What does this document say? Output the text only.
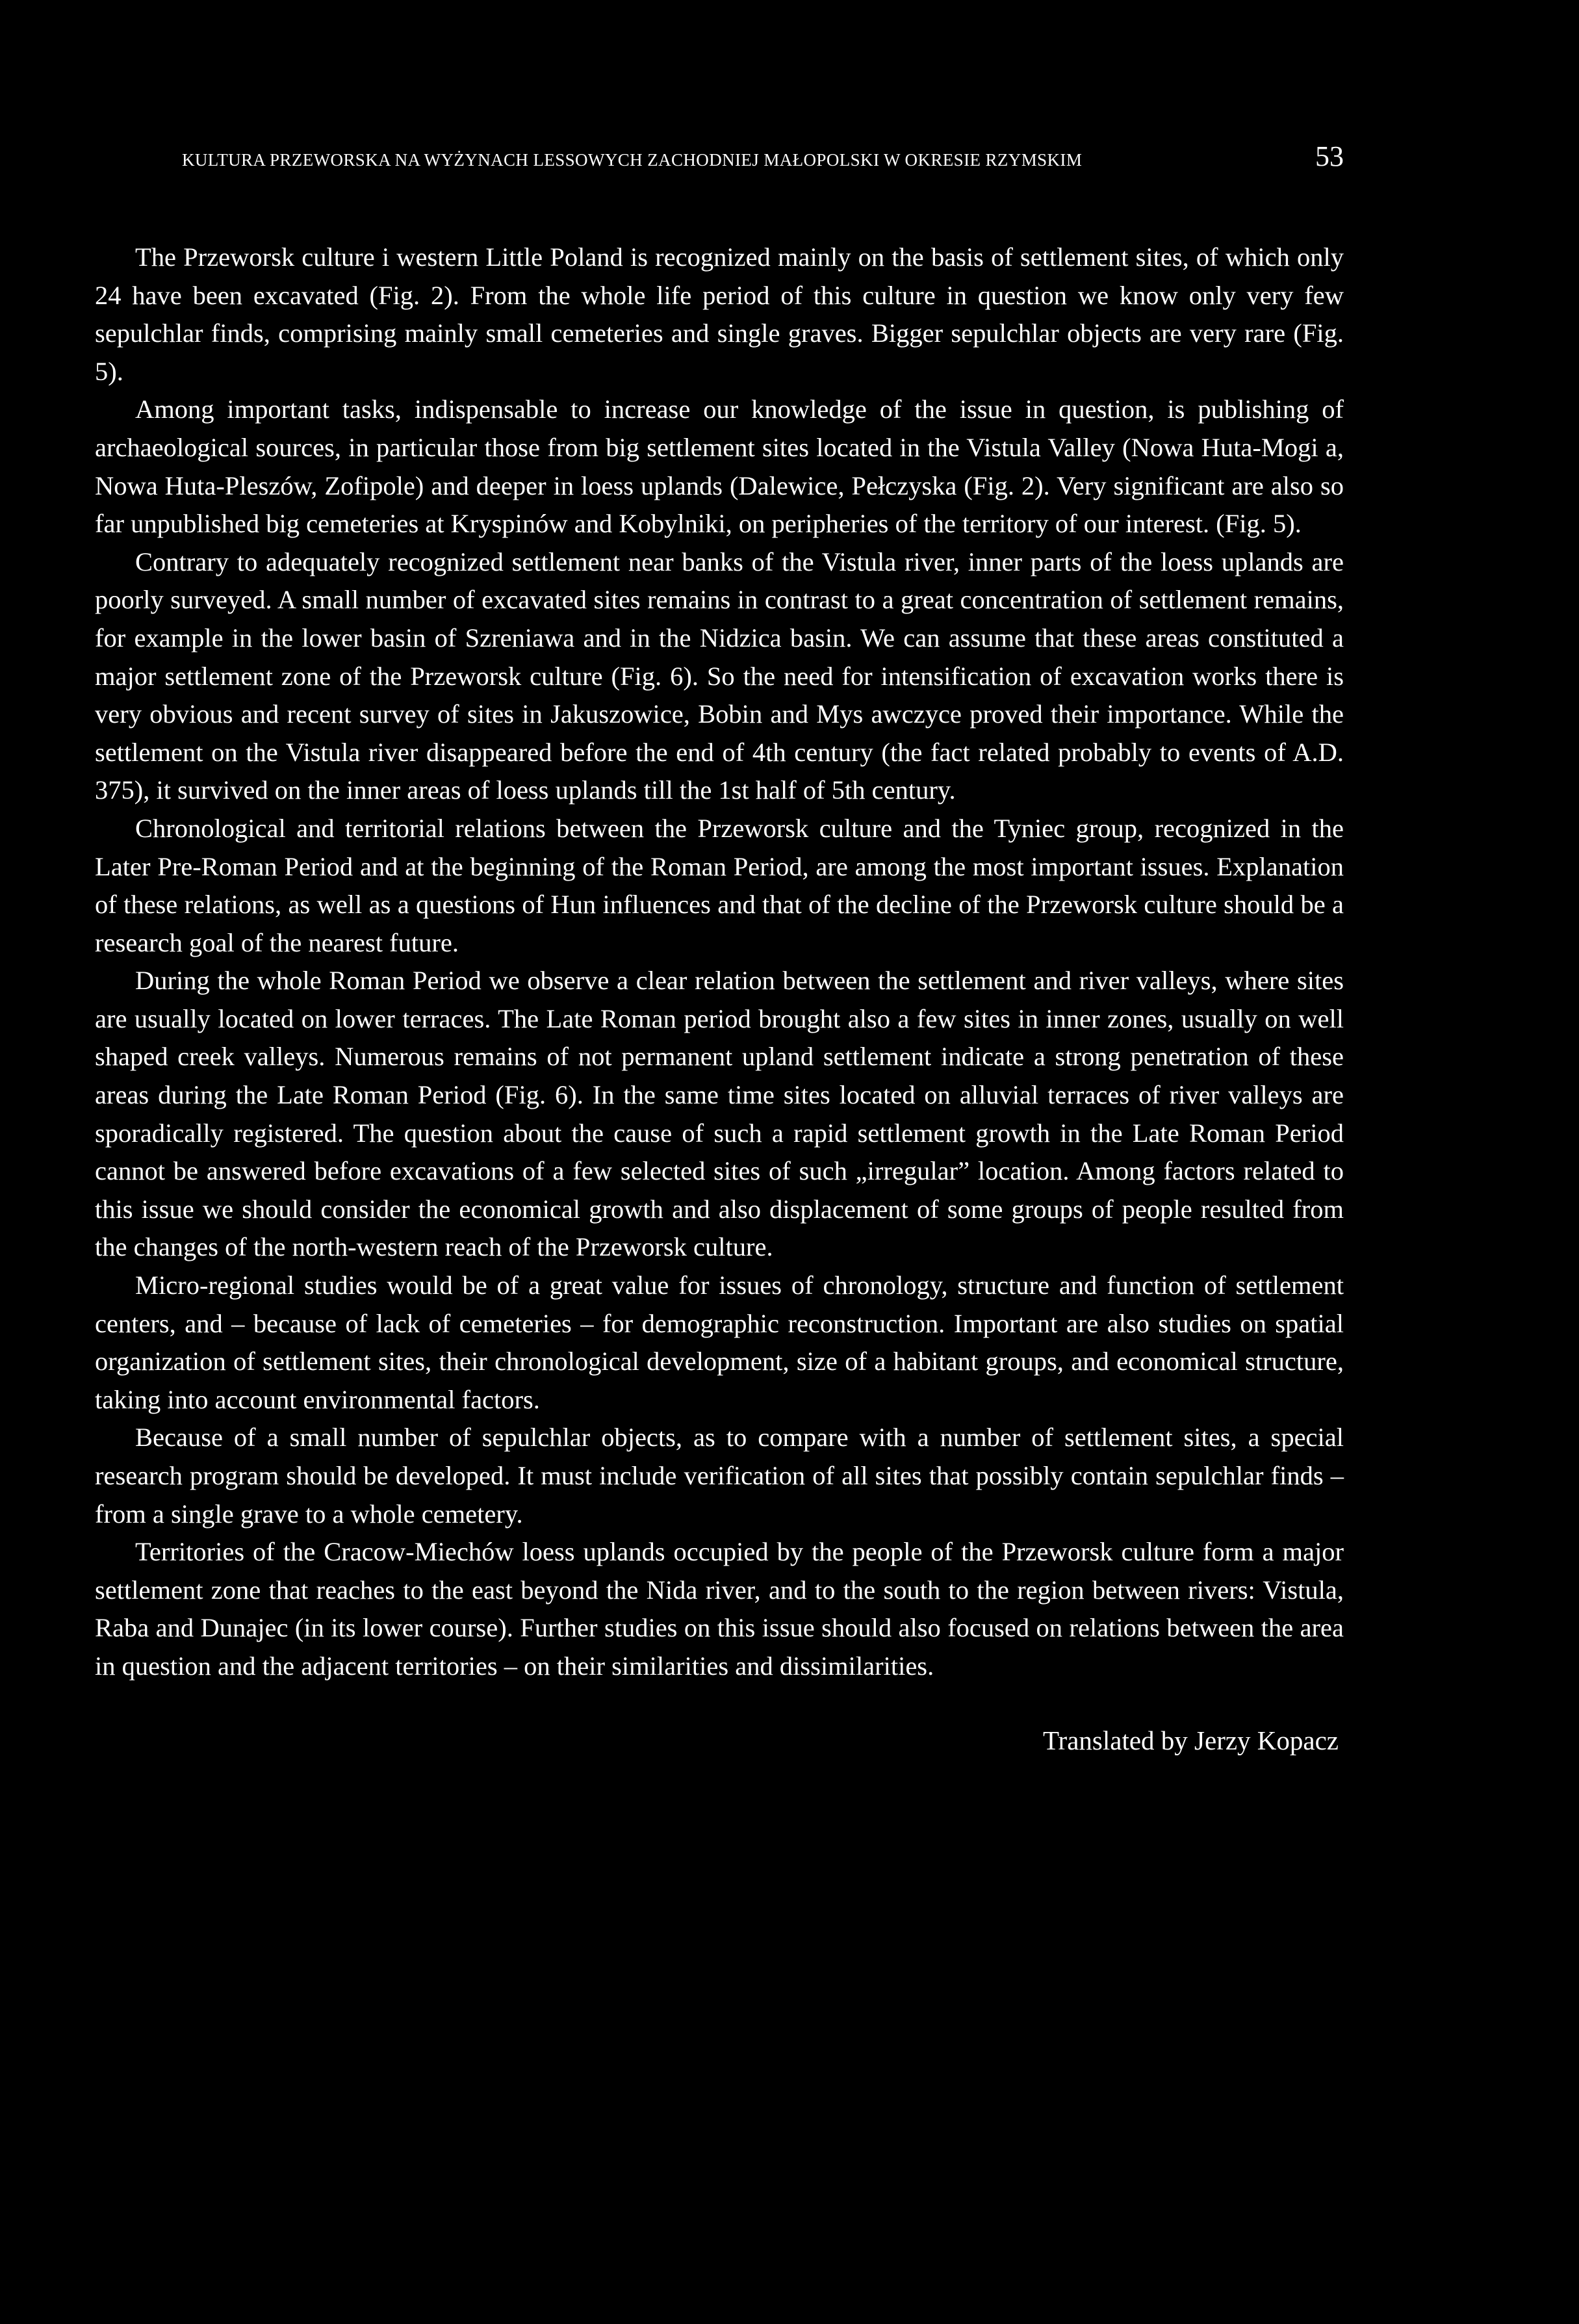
KULTURA PRZEWORSKA NA WYŻYNACH LESSOWYCH ZACHODNIEJ MAŁOPOLSKI W OKRESIE RZYMSKIM	53

The Przeworsk culture i western Little Poland is recognized mainly on the basis of settlement sites, of which only 24 have been excavated (Fig. 2). From the whole life period of this culture in question we know only very few sepulchlar finds, comprising mainly small cemeteries and single graves. Bigger sepulchlar objects are very rare (Fig. 5).

Among important tasks, indispensable to increase our knowledge of the issue in question, is publishing of archaeological sources, in particular those from big settlement sites located in the Vistula Valley (Nowa Huta-Mogi a, Nowa Huta-Pleszów, Zofipole) and deeper in loess uplands (Dalewice, Pełczyska (Fig. 2). Very significant are also so far unpublished big cemeteries at Kryspinów and Kobylniki, on peripheries of the territory of our interest. (Fig. 5).

Contrary to adequately recognized settlement near banks of the Vistula river, inner parts of the loess uplands are poorly surveyed. A small number of excavated sites remains in contrast to a great concentration of settlement remains, for example in the lower basin of Szreniawa and in the Nidzica basin. We can assume that these areas constituted a major settlement zone of the Przeworsk culture (Fig. 6). So the need for intensification of excavation works there is very obvious and recent survey of sites in Jakuszowice, Bobin and Mys awczyce proved their importance. While the settlement on the Vistula river disappeared before the end of 4th century (the fact related probably to events of A.D. 375), it survived on the inner areas of loess uplands till the 1st half of 5th century.

Chronological and territorial relations between the Przeworsk culture and the Tyniec group, recognized in the Later Pre-Roman Period and at the beginning of the Roman Period, are among the most important issues. Explanation of these relations, as well as a questions of Hun influences and that of the decline of the Przeworsk culture should be a research goal of the nearest future.

During the whole Roman Period we observe a clear relation between the settlement and river valleys, where sites are usually located on lower terraces. The Late Roman period brought also a few sites in inner zones, usually on well shaped creek valleys. Numerous remains of not permanent upland settlement indicate a strong penetration of these areas during the Late Roman Period (Fig. 6). In the same time sites located on alluvial terraces of river valleys are sporadically registered. The question about the cause of such a rapid settlement growth in the Late Roman Period cannot be answered before excavations of a few selected sites of such „irregular” location. Among factors related to this issue we should consider the economical growth and also displacement of some groups of people resulted from the changes of the north-western reach of the Przeworsk culture.

Micro-regional studies would be of a great value for issues of chronology, structure and function of settlement centers, and – because of lack of cemeteries – for demographic reconstruction. Important are also studies on spatial organization of settlement sites, their chronological development, size of a habitant groups, and economical structure, taking into account environmental factors.

Because of a small number of sepulchlar objects, as to compare with a number of settlement sites, a special research program should be developed. It must include verification of all sites that possibly contain sepulchlar finds – from a single grave to a whole cemetery.

Territories of the Cracow-Miechów loess uplands occupied by the people of the Przeworsk culture form a major settlement zone that reaches to the east beyond the Nida river, and to the south to the region between rivers: Vistula, Raba and Dunajec (in its lower course). Further studies on this issue should also focused on relations between the area in question and the adjacent territories – on their similarities and dissimilarities.

Translated by Jerzy Kopacz
